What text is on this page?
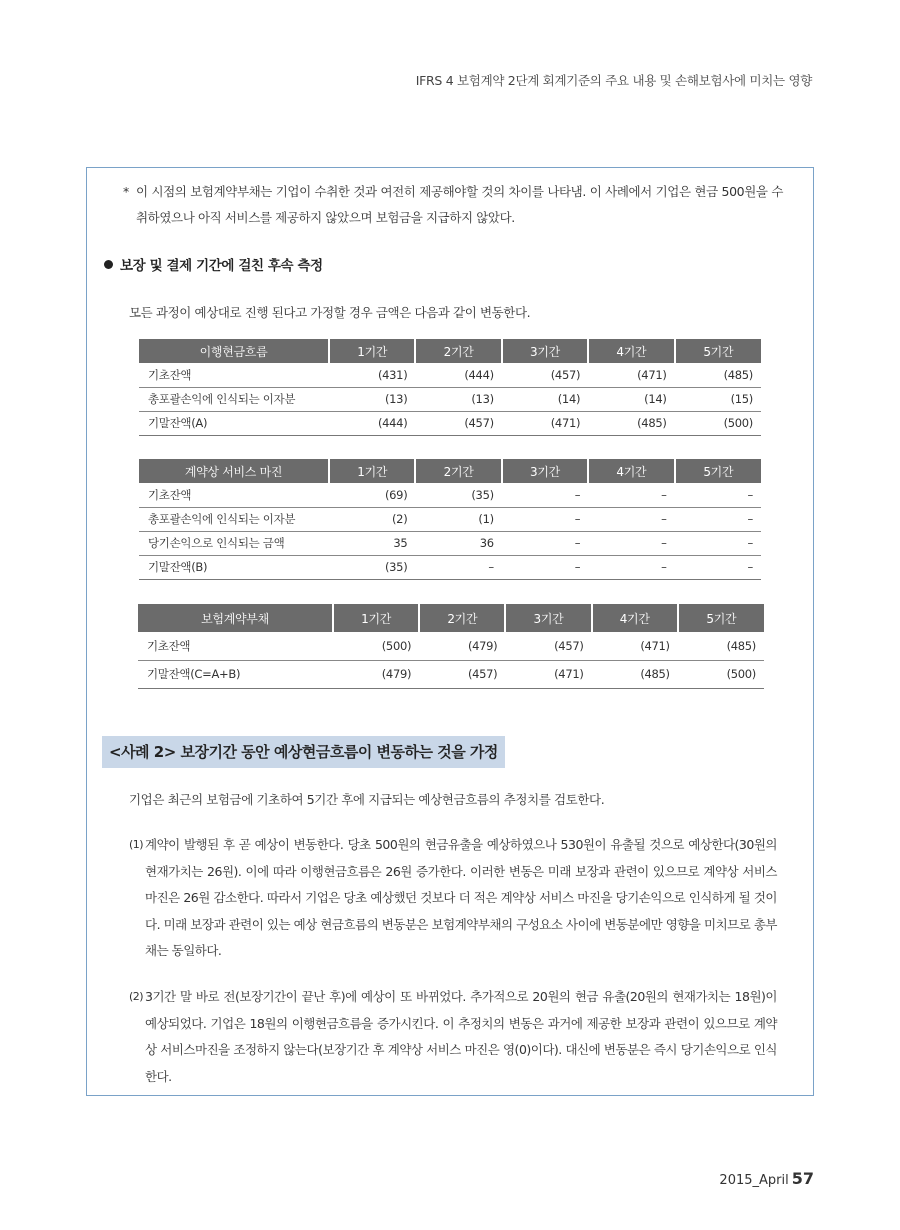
IFRS 4 보험계약 2단계 회계기준의 주요 내용 및 손해보험사에 미치는 영향
* 이 시점의 보험계약부채는 기업이 수취한 것과 여전히 제공해야할 것의 차이를 나타냄. 이 사례에서 기업은 현금 500원을 수취하였으나 아직 서비스를 제공하지 않았으며 보험금을 지급하지 않았다.
보장 및 결제 기간에 걸친 후속 측정
모든 과정이 예상대로 진행 된다고 가정할 경우 금액은 다음과 같이 변동한다.
이행현금흐름	1기간	2기간	3기간	4기간	5기간
기초잔액	(431)	(444)	(457)	(471)	(485)
총포괄손익에 인식되는 이자분	(13)	(13)	(14)	(14)	(15)
기말잔액(A)	(444)	(457)	(471)	(485)	(500)
계약상 서비스 마진	1기간	2기간	3기간	4기간	5기간
기초잔액	(69)	(35)	–	–	–
총포괄손익에 인식되는 이자분	(2)	(1)	–	–	–
당기손익으로 인식되는 금액	35	36	–	–	–
기말잔액(B)	(35)	–	–	–	–
보험계약부채	1기간	2기간	3기간	4기간	5기간
기초잔액	(500)	(479)	(457)	(471)	(485)
기말잔액(C=A+B)	(479)	(457)	(471)	(485)	(500)
<사례 2> 보장기간 동안 예상현금흐름이 변동하는 것을 가정
기업은 최근의 보험금에 기초하여 5기간 후에 지급되는 예상현금흐름의 추정치를 검토한다.
(1) 계약이 발행된 후 곧 예상이 변동한다. 당초 500원의 현금유출을 예상하였으나 530원이 유출될 것으로 예상한다(30원의 현재가치는 26원). 이에 따라 이행현금흐름은 26원 증가한다. 이러한 변동은 미래 보장과 관련이 있으므로 계약상 서비스 마진은 26원 감소한다. 따라서 기업은 당초 예상했던 것보다 더 적은 계약상 서비스 마진을 당기손익으로 인식하게 될 것이다. 미래 보장과 관련이 있는 예상 현금흐름의 변동분은 보험계약부채의 구성요소 사이에 변동분에만 영향을 미치므로 총부채는 동일하다.
(2) 3기간 말 바로 전(보장기간이 끝난 후)에 예상이 또 바뀌었다. 추가적으로 20원의 현금 유출(20원의 현재가치는 18원)이 예상되었다. 기업은 18원의 이행현금흐름을 증가시킨다. 이 추정치의 변동은 과거에 제공한 보장과 관련이 있으므로 계약상 서비스마진을 조정하지 않는다(보장기간 후 계약상 서비스 마진은 영(0)이다). 대신에 변동분은 즉시 당기손익으로 인식한다.
2015_April 57
